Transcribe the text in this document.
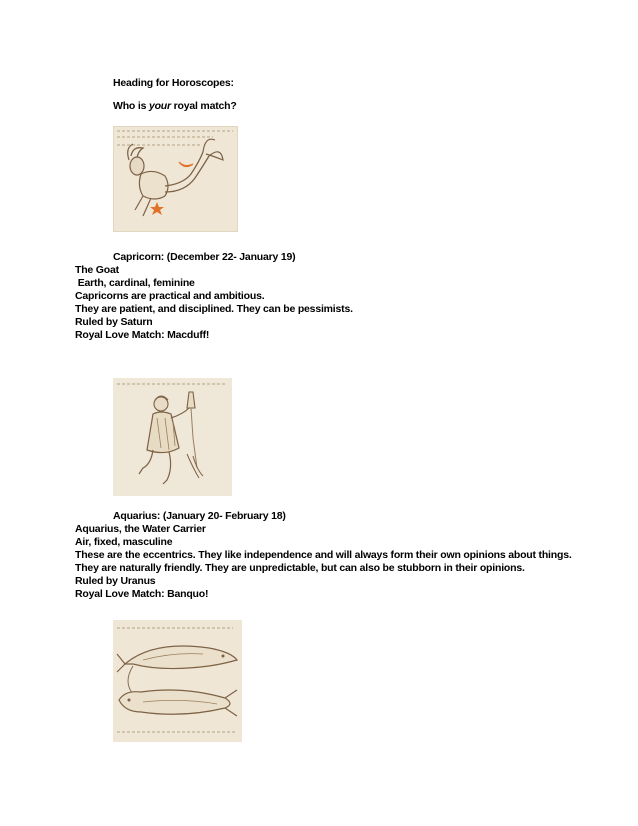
Heading for Horoscopes:
Who is your royal match?
Capricorn: (December 22- January 19)
The Goat
Earth, cardinal, feminine
Capricorns are practical and ambitious.
They are patient, and disciplined. They can be pessimists.
Ruled by Saturn
Royal Love Match: Macduff!
Aquarius: (January 20- February 18)
Aquarius, the Water Carrier
Air, fixed, masculine
These are the eccentrics. They like independence and will always form their own opinions about things.
They are naturally friendly. They are unpredictable, but can also be stubborn in their opinions.
Ruled by Uranus
Royal Love Match: Banquo!
